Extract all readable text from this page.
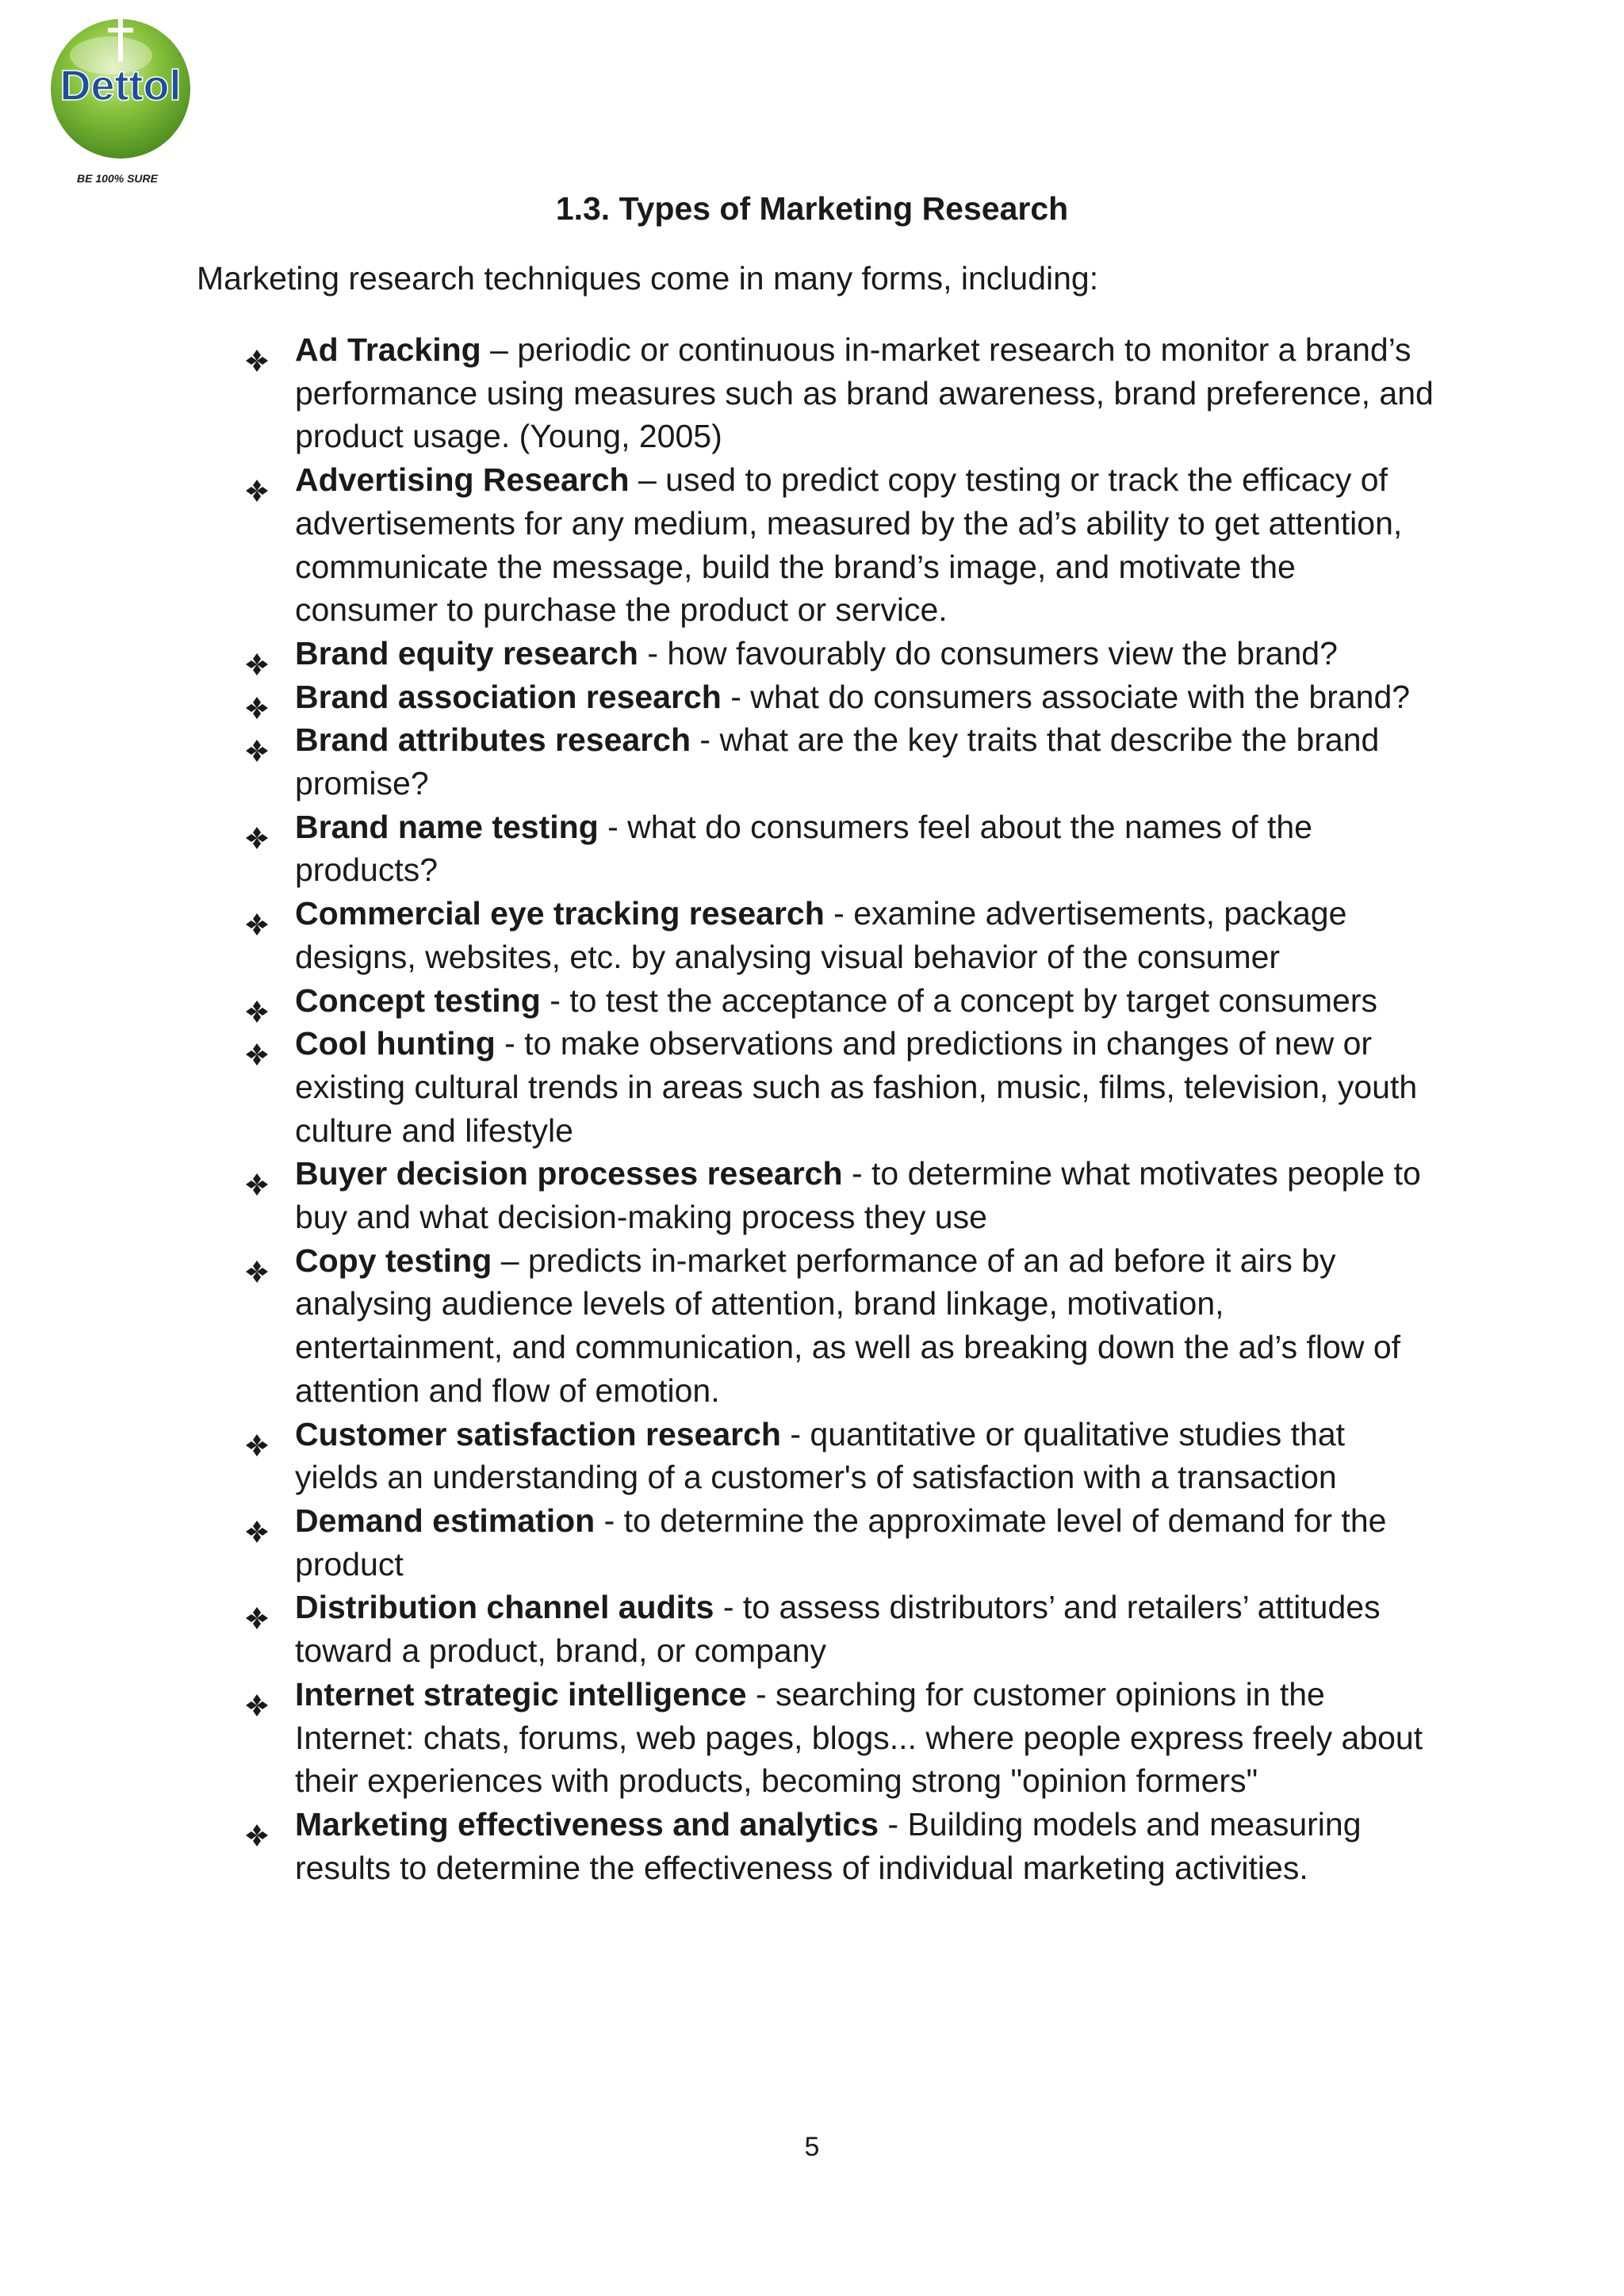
Dettol
BE 100% SURE
1.3. Types of Marketing Research
Marketing research techniques come in many forms, including:
Ad Tracking – periodic or continuous in-market research to monitor a brand’s performance using measures such as brand awareness, brand preference, and product usage. (Young, 2005)
Advertising Research – used to predict copy testing or track the efficacy of advertisements for any medium, measured by the ad’s ability to get attention, communicate the message, build the brand’s image, and motivate the consumer to purchase the product or service.
Brand equity research - how favourably do consumers view the brand?
Brand association research - what do consumers associate with the brand?
Brand attributes research - what are the key traits that describe the brand promise?
Brand name testing - what do consumers feel about the names of the products?
Commercial eye tracking research - examine advertisements, package designs, websites, etc. by analysing visual behavior of the consumer
Concept testing - to test the acceptance of a concept by target consumers
Cool hunting - to make observations and predictions in changes of new or existing cultural trends in areas such as fashion, music, films, television, youth culture and lifestyle
Buyer decision processes research - to determine what motivates people to buy and what decision-making process they use
Copy testing – predicts in-market performance of an ad before it airs by analysing audience levels of attention, brand linkage, motivation, entertainment, and communication, as well as breaking down the ad’s flow of attention and flow of emotion.
Customer satisfaction research - quantitative or qualitative studies that yields an understanding of a customer's of satisfaction with a transaction
Demand estimation - to determine the approximate level of demand for the product
Distribution channel audits - to assess distributors’ and retailers’ attitudes toward a product, brand, or company
Internet strategic intelligence - searching for customer opinions in the Internet: chats, forums, web pages, blogs... where people express freely about their experiences with products, becoming strong "opinion formers"
Marketing effectiveness and analytics - Building models and measuring results to determine the effectiveness of individual marketing activities.
5
